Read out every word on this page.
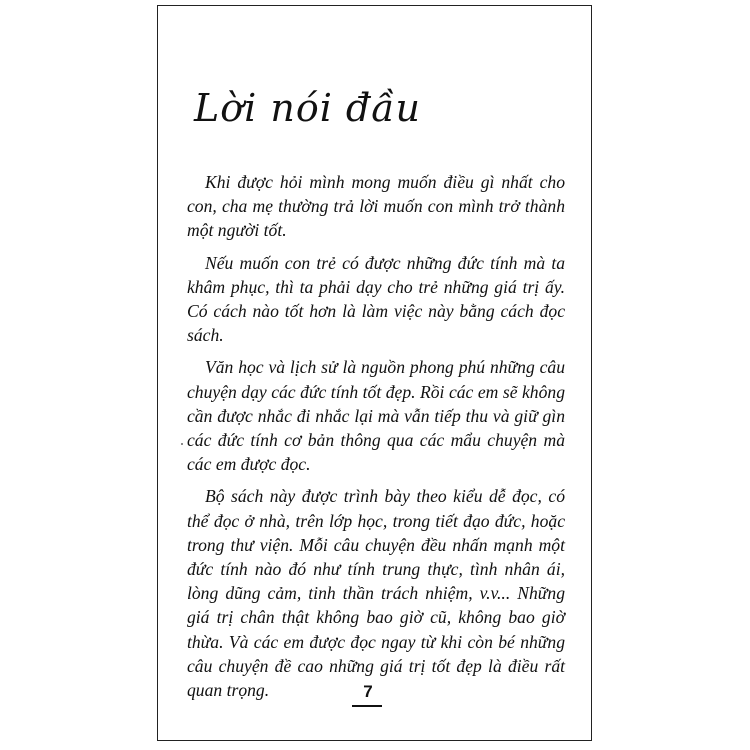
Lời nói đầu

Khi được hỏi mình mong muốn điều gì nhất cho con, cha mẹ thường trả lời muốn con mình trở thành một người tốt.

Nếu muốn con trẻ có được những đức tính mà ta khâm phục, thì ta phải dạy cho trẻ những giá trị ấy. Có cách nào tốt hơn là làm việc này bằng cách đọc sách.

Văn học và lịch sử là nguồn phong phú những câu chuyện dạy các đức tính tốt đẹp. Rồi các em sẽ không cần được nhắc đi nhắc lại mà vẫn tiếp thu và giữ gìn các đức tính cơ bản thông qua các mẩu chuyện mà các em được đọc.

Bộ sách này được trình bày theo kiểu dễ đọc, có thể đọc ở nhà, trên lớp học, trong tiết đạo đức, hoặc trong thư viện. Mỗi câu chuyện đều nhấn mạnh một đức tính nào đó như tính trung thực, tình nhân ái, lòng dũng cảm, tinh thần trách nhiệm, v.v... Những giá trị chân thật không bao giờ cũ, không bao giờ thừa. Và các em được đọc ngay từ khi còn bé những câu chuyện đề cao những giá trị tốt đẹp là điều rất quan trọng.	7
